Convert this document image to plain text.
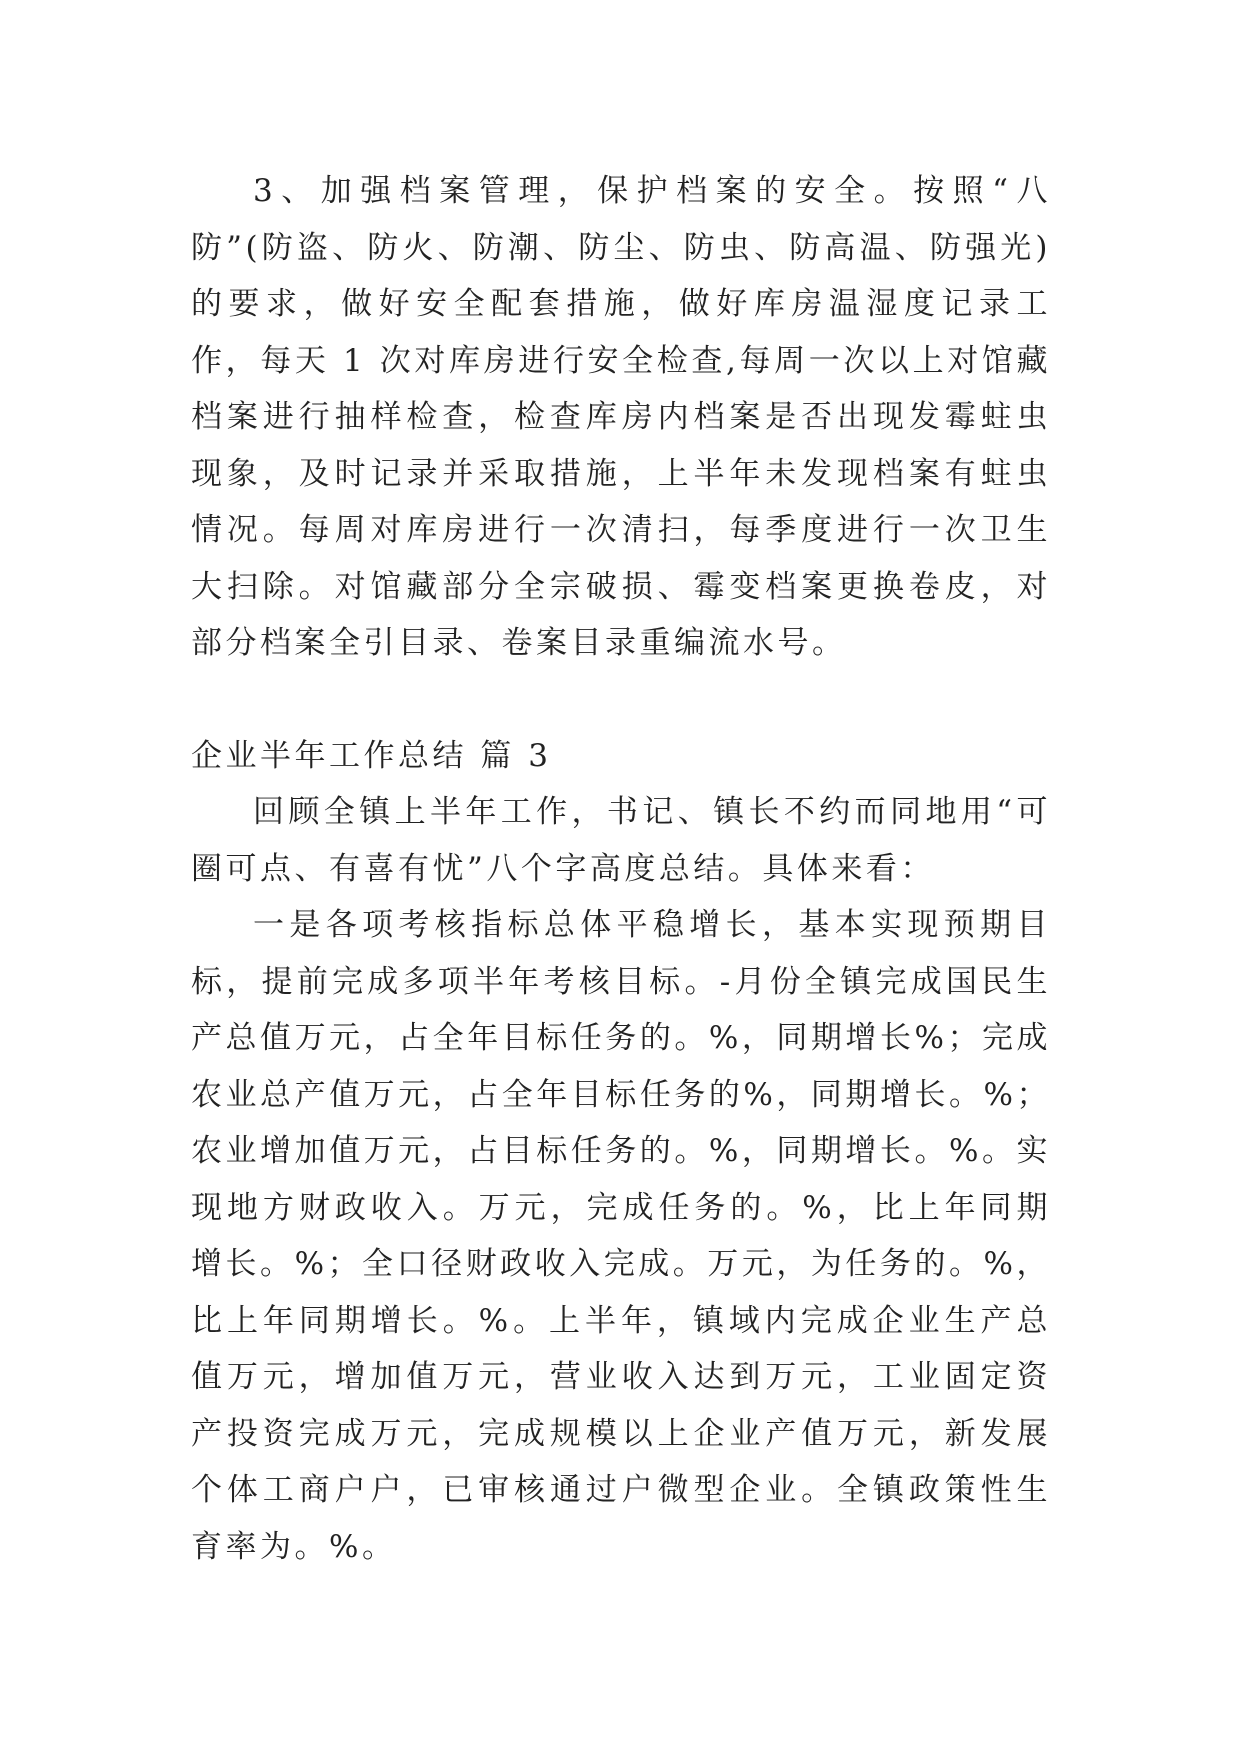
3、加强档案管理，保护档案的安全。按照“八防”(防盗、防火、防潮、防尘、防虫、防高温、防强光)的要求，做好安全配套措施，做好库房温湿度记录工作，每天 1 次对库房进行安全检查,每周一次以上对馆藏档案进行抽样检查，检查库房内档案是否出现发霉蛀虫现象，及时记录并采取措施，上半年未发现档案有蛀虫情况。每周对库房进行一次清扫，每季度进行一次卫生大扫除。对馆藏部分全宗破损、霉变档案更换卷皮，对部分档案全引目录、卷案目录重编流水号。

企业半年工作总结 篇 3

回顾全镇上半年工作，书记、镇长不约而同地用“可圈可点、有喜有忧”八个字高度总结。具体来看：

一是各项考核指标总体平稳增长，基本实现预期目标，提前完成多项半年考核目标。-月份全镇完成国民生产总值万元，占全年目标任务的。%，同期增长%；完成农业总产值万元，占全年目标任务的%，同期增长。%；农业增加值万元，占目标任务的。%，同期增长。%。实现地方财政收入。万元，完成任务的。%，比上年同期增长。%；全口径财政收入完成。万元，为任务的。%，比上年同期增长。%。上半年，镇域内完成企业生产总值万元，增加值万元，营业收入达到万元，工业固定资产投资完成万元，完成规模以上企业产值万元，新发展个体工商户户，已审核通过户微型企业。全镇政策性生育率为。%。
